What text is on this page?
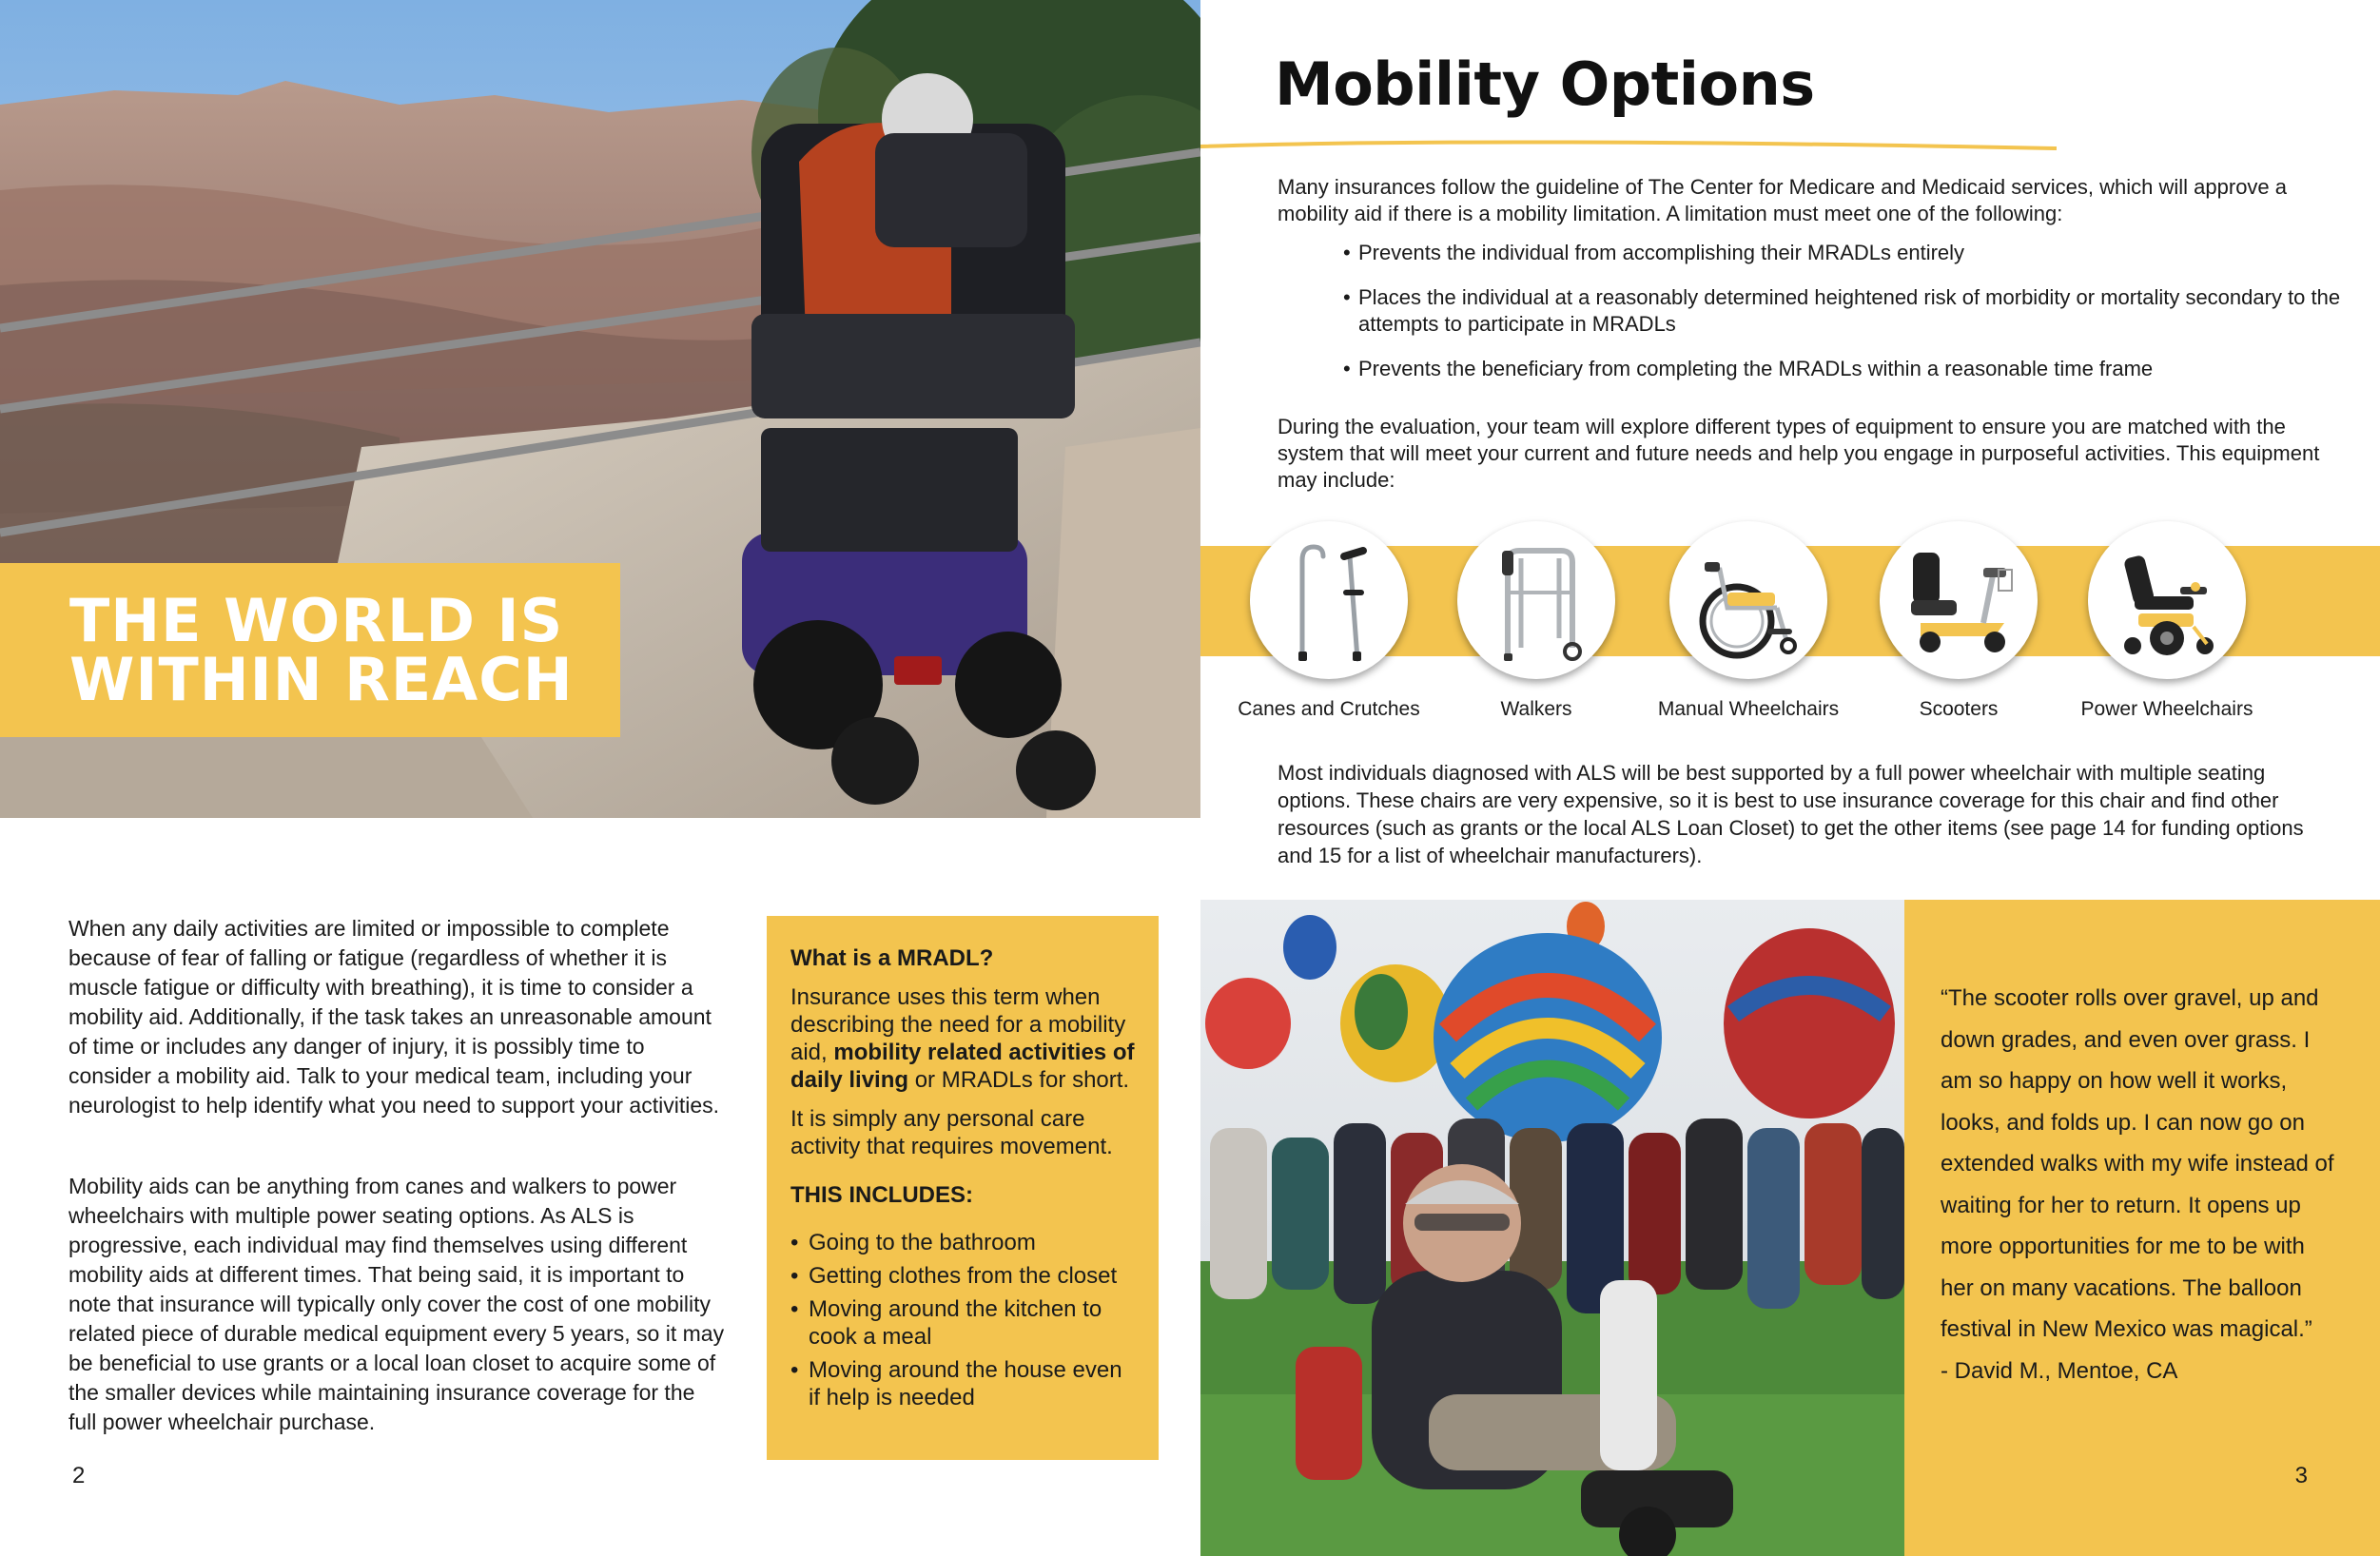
THE WORLD IS
WITHIN REACH

When any daily activities are limited or impossible to complete because of fear of falling or fatigue (regardless of whether it is muscle fatigue or difficulty with breathing), it is time to consider a mobility aid. Additionally, if the task takes an unreasonable amount of time or includes any danger of injury, it is possibly time to consider a mobility aid. Talk to your medical team, including your neurologist to help identify what you need to support your activities.

Mobility aids can be anything from canes and walkers to power wheelchairs with multiple power seating options. As ALS is progressive, each individual may find themselves using different mobility aids at different times. That being said, it is important to note that insurance will typically only cover the cost of one mobility related piece of durable medical equipment every 5 years, so it may be beneficial to use grants or a local loan closet to acquire some of the smaller devices while maintaining insurance coverage for the full power wheelchair purchase.

What is a MRADL?

Insurance uses this term when describing the need for a mobility aid, mobility related activities of daily living or MRADLs for short.

It is simply any personal care activity that requires movement.

THIS INCLUDES:
• Going to the bathroom
• Getting clothes from the closet
• Moving around the kitchen to cook a meal
• Moving around the house even if help is needed
2
Mobility Options

Many insurances follow the guideline of The Center for Medicare and Medicaid services, which will approve a mobility aid if there is a mobility limitation. A limitation must meet one of the following:

• Prevents the individual from accomplishing their MRADLs entirely
• Places the individual at a reasonably determined heightened risk of morbidity or mortality secondary to the attempts to participate in MRADLs
• Prevents the beneficiary from completing the MRADLs within a reasonable time frame

During the evaluation, your team will explore different types of equipment to ensure you are matched with the system that will meet your current and future needs and help you engage in purposeful activities. This equipment may include:

Canes and Crutches	Walkers	Manual Wheelchairs	Scooters	Power Wheelchairs

Most individuals diagnosed with ALS will be best supported by a full power wheelchair with multiple seating options. These chairs are very expensive, so it is best to use insurance coverage for this chair and find other resources (such as grants or the local ALS Loan Closet) to get the other items (see page 14 for funding options and 15 for a list of wheelchair manufacturers).

“The scooter rolls over gravel, up and down grades, and even over grass. I am so happy on how well it works, looks, and folds up. I can now go on extended walks with my wife instead of waiting for her to return. It opens up more opportunities for me to be with her on many vacations. The balloon festival in New Mexico was magical.”

- David M., Mentoe, CA

3
